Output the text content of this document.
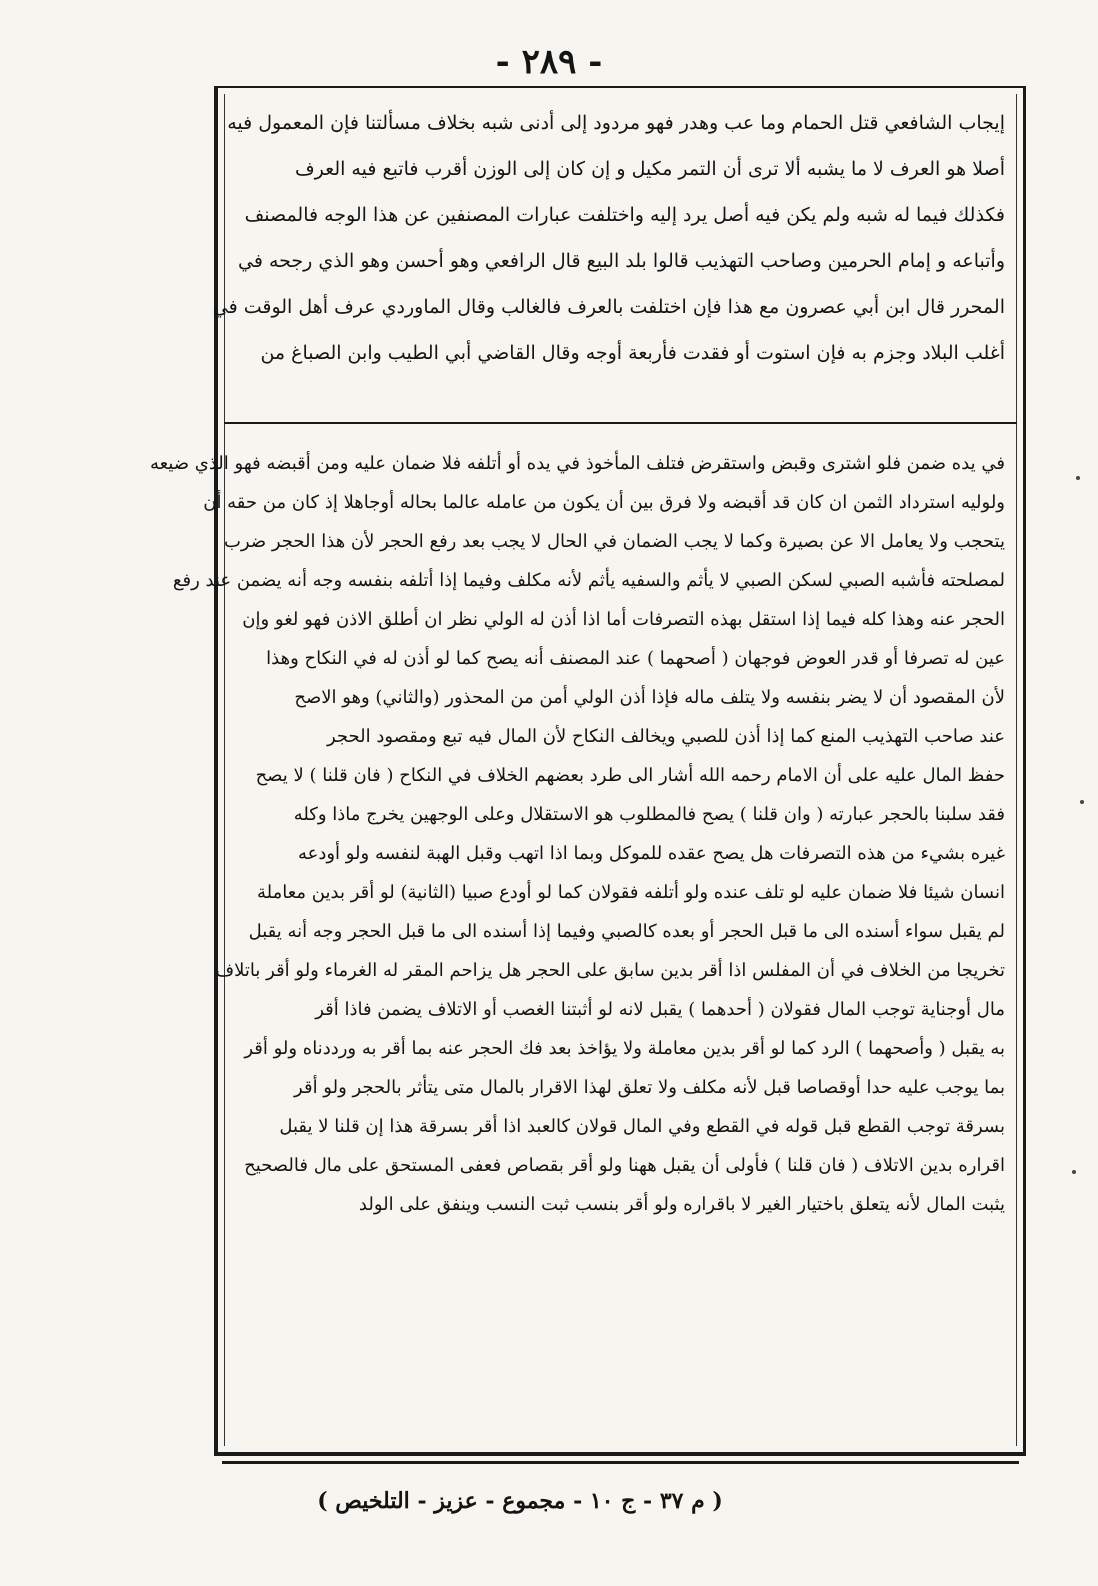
- ٢٨٩ -
إيجاب الشافعي قتل الحمام وما عب وهدر فهو مردود إلى أدنى شبه بخلاف مسألتنا فإن المعمول فيه
أصلا هو العرف لا ما يشبه ألا ترى أن التمر مكيل و إن كان إلى الوزن أقرب فاتبع فيه العرف
فكذلك فيما له شبه ولم يكن فيه أصل يرد إليه واختلفت عبارات المصنفين عن هذا الوجه فالمصنف
وأتباعه و إمام الحرمين وصاحب التهذيب قالوا بلد البيع قال الرافعي وهو أحسن وهو الذي رجحه في
المحرر قال ابن أبي عصرون مع هذا فإن اختلفت بالعرف فالغالب وقال الماوردي عرف أهل الوقت في
أغلب البلاد وجزم به فإن استوت أو فقدت فأربعة أوجه وقال القاضي أبي الطيب وابن الصباغ من
في يده ضمن فلو اشترى وقبض واستقرض فتلف المأخوذ في يده أو أتلفه فلا ضمان عليه ومن أقبضه فهو الذي ضيعه
ولوليه استرداد الثمن ان كان قد أقبضه ولا فرق بين أن يكون من عامله عالما بحاله أوجاهلا إذ كان من حقه أن
يتحجب ولا يعامل الا عن بصيرة وكما لا يجب الضمان في الحال لا يجب بعد رفع الحجر لأن هذا الحجر ضرب
لمصلحته فأشبه الصبي لسكن الصبي لا يأثم والسفيه يأثم لأنه مكلف وفيما إذا أتلفه بنفسه وجه أنه يضمن عند رفع
الحجر عنه وهذا كله فيما إذا استقل بهذه التصرفات أما اذا أذن له الولي نظر ان أطلق الاذن فهو لغو وإن
عين له تصرفا أو قدر العوض فوجهان ( أصحهما ) عند المصنف أنه يصح كما لو أذن له في النكاح وهذا
لأن المقصود أن لا يضر بنفسه ولا يتلف ماله فإذا أذن الولي أمن من المحذور (والثاني) وهو الاصح
عند صاحب التهذيب المنع كما إذا أذن للصبي ويخالف النكاح لأن المال فيه تبع ومقصود الحجر
حفظ المال عليه على أن الامام رحمه الله أشار الى طرد بعضهم الخلاف في النكاح ( فان قلنا ) لا يصح
فقد سلبنا بالحجر عبارته ( وان قلنا ) يصح فالمطلوب هو الاستقلال وعلى الوجهين يخرج ماذا وكله
غيره بشيء من هذه التصرفات هل يصح عقده للموكل وبما اذا اتهب وقبل الهبة لنفسه ولو أودعه
انسان شيئا فلا ضمان عليه لو تلف عنده ولو أتلفه فقولان كما لو أودع صبيا (الثانية) لو أقر بدين معاملة
لم يقبل سواء أسنده الى ما قبل الحجر أو بعده كالصبي وفيما إذا أسنده الى ما قبل الحجر وجه أنه يقبل
تخريجا من الخلاف في أن المفلس اذا أقر بدين سابق على الحجر هل يزاحم المقر له الغرماء ولو أقر باتلاف
مال أوجناية توجب المال فقولان ( أحدهما ) يقبل لانه لو أثبتنا الغصب أو الاتلاف يضمن فاذا أقر
به يقبل ( وأصحهما ) الرد كما لو أقر بدين معاملة ولا يؤاخذ بعد فك الحجر عنه بما أقر به ورددناه ولو أقر
بما يوجب عليه حدا أوقصاصا قبل لأنه مكلف ولا تعلق لهذا الاقرار بالمال متى يتأثر بالحجر ولو أقر
بسرقة توجب القطع قبل قوله في القطع وفي المال قولان كالعبد اذا أقر بسرقة هذا إن قلنا لا يقبل
اقراره بدين الاتلاف ( فان قلنا ) فأولى أن يقبل ههنا ولو أقر بقصاص فعفى المستحق على مال فالصحيح
يثبت المال لأنه يتعلق باختيار الغير لا باقراره ولو أقر بنسب ثبت النسب وينفق على الولد
( م ٣٧ - ج ١٠ - مجموع - عزيز - التلخيص )
